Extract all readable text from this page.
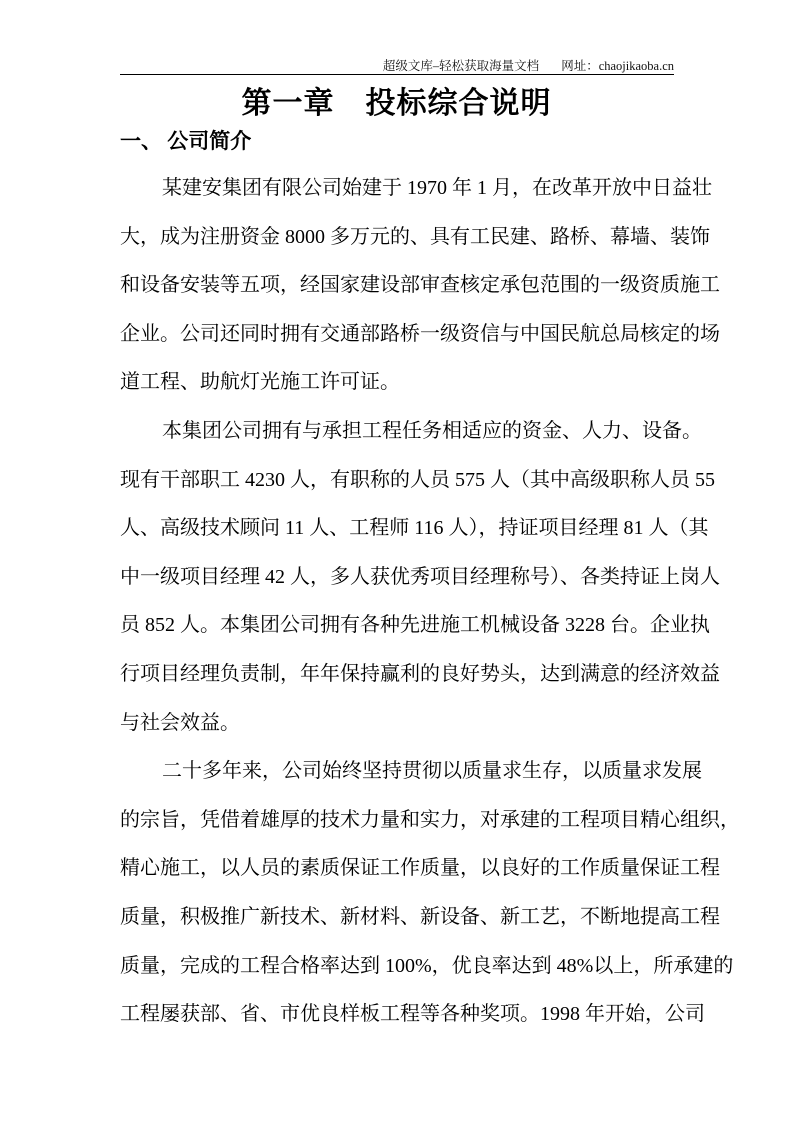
超级文库–轻松获取海量文档 网址：chaojikaoba.cn
第一章　投标综合说明
一、 公司简介
某建安集团有限公司始建于 1970 年 1 月，在改革开放中日益壮
大，成为注册资金 8000 多万元的、具有工民建、路桥、幕墙、装饰
和设备安装等五项，经国家建设部审查核定承包范围的一级资质施工
企业。公司还同时拥有交通部路桥一级资信与中国民航总局核定的场
道工程、助航灯光施工许可证。
本集团公司拥有与承担工程任务相适应的资金、人力、设备。
现有干部职工 4230 人，有职称的人员 575 人（其中高级职称人员 55
人、高级技术顾问 11 人、工程师 116 人），持证项目经理 81 人（其
中一级项目经理 42 人，多人获优秀项目经理称号）、各类持证上岗人
员 852 人。本集团公司拥有各种先进施工机械设备 3228 台。企业执
行项目经理负责制，年年保持赢利的良好势头，达到满意的经济效益
与社会效益。
二十多年来，公司始终坚持贯彻以质量求生存，以质量求发展
的宗旨，凭借着雄厚的技术力量和实力，对承建的工程项目精心组织，
精心施工，以人员的素质保证工作质量，以良好的工作质量保证工程
质量，积极推广新技术、新材料、新设备、新工艺，不断地提高工程
质量，完成的工程合格率达到 100%，优良率达到 48%以上，所承建的
工程屡获部、省、市优良样板工程等各种奖项。1998 年开始，公司
